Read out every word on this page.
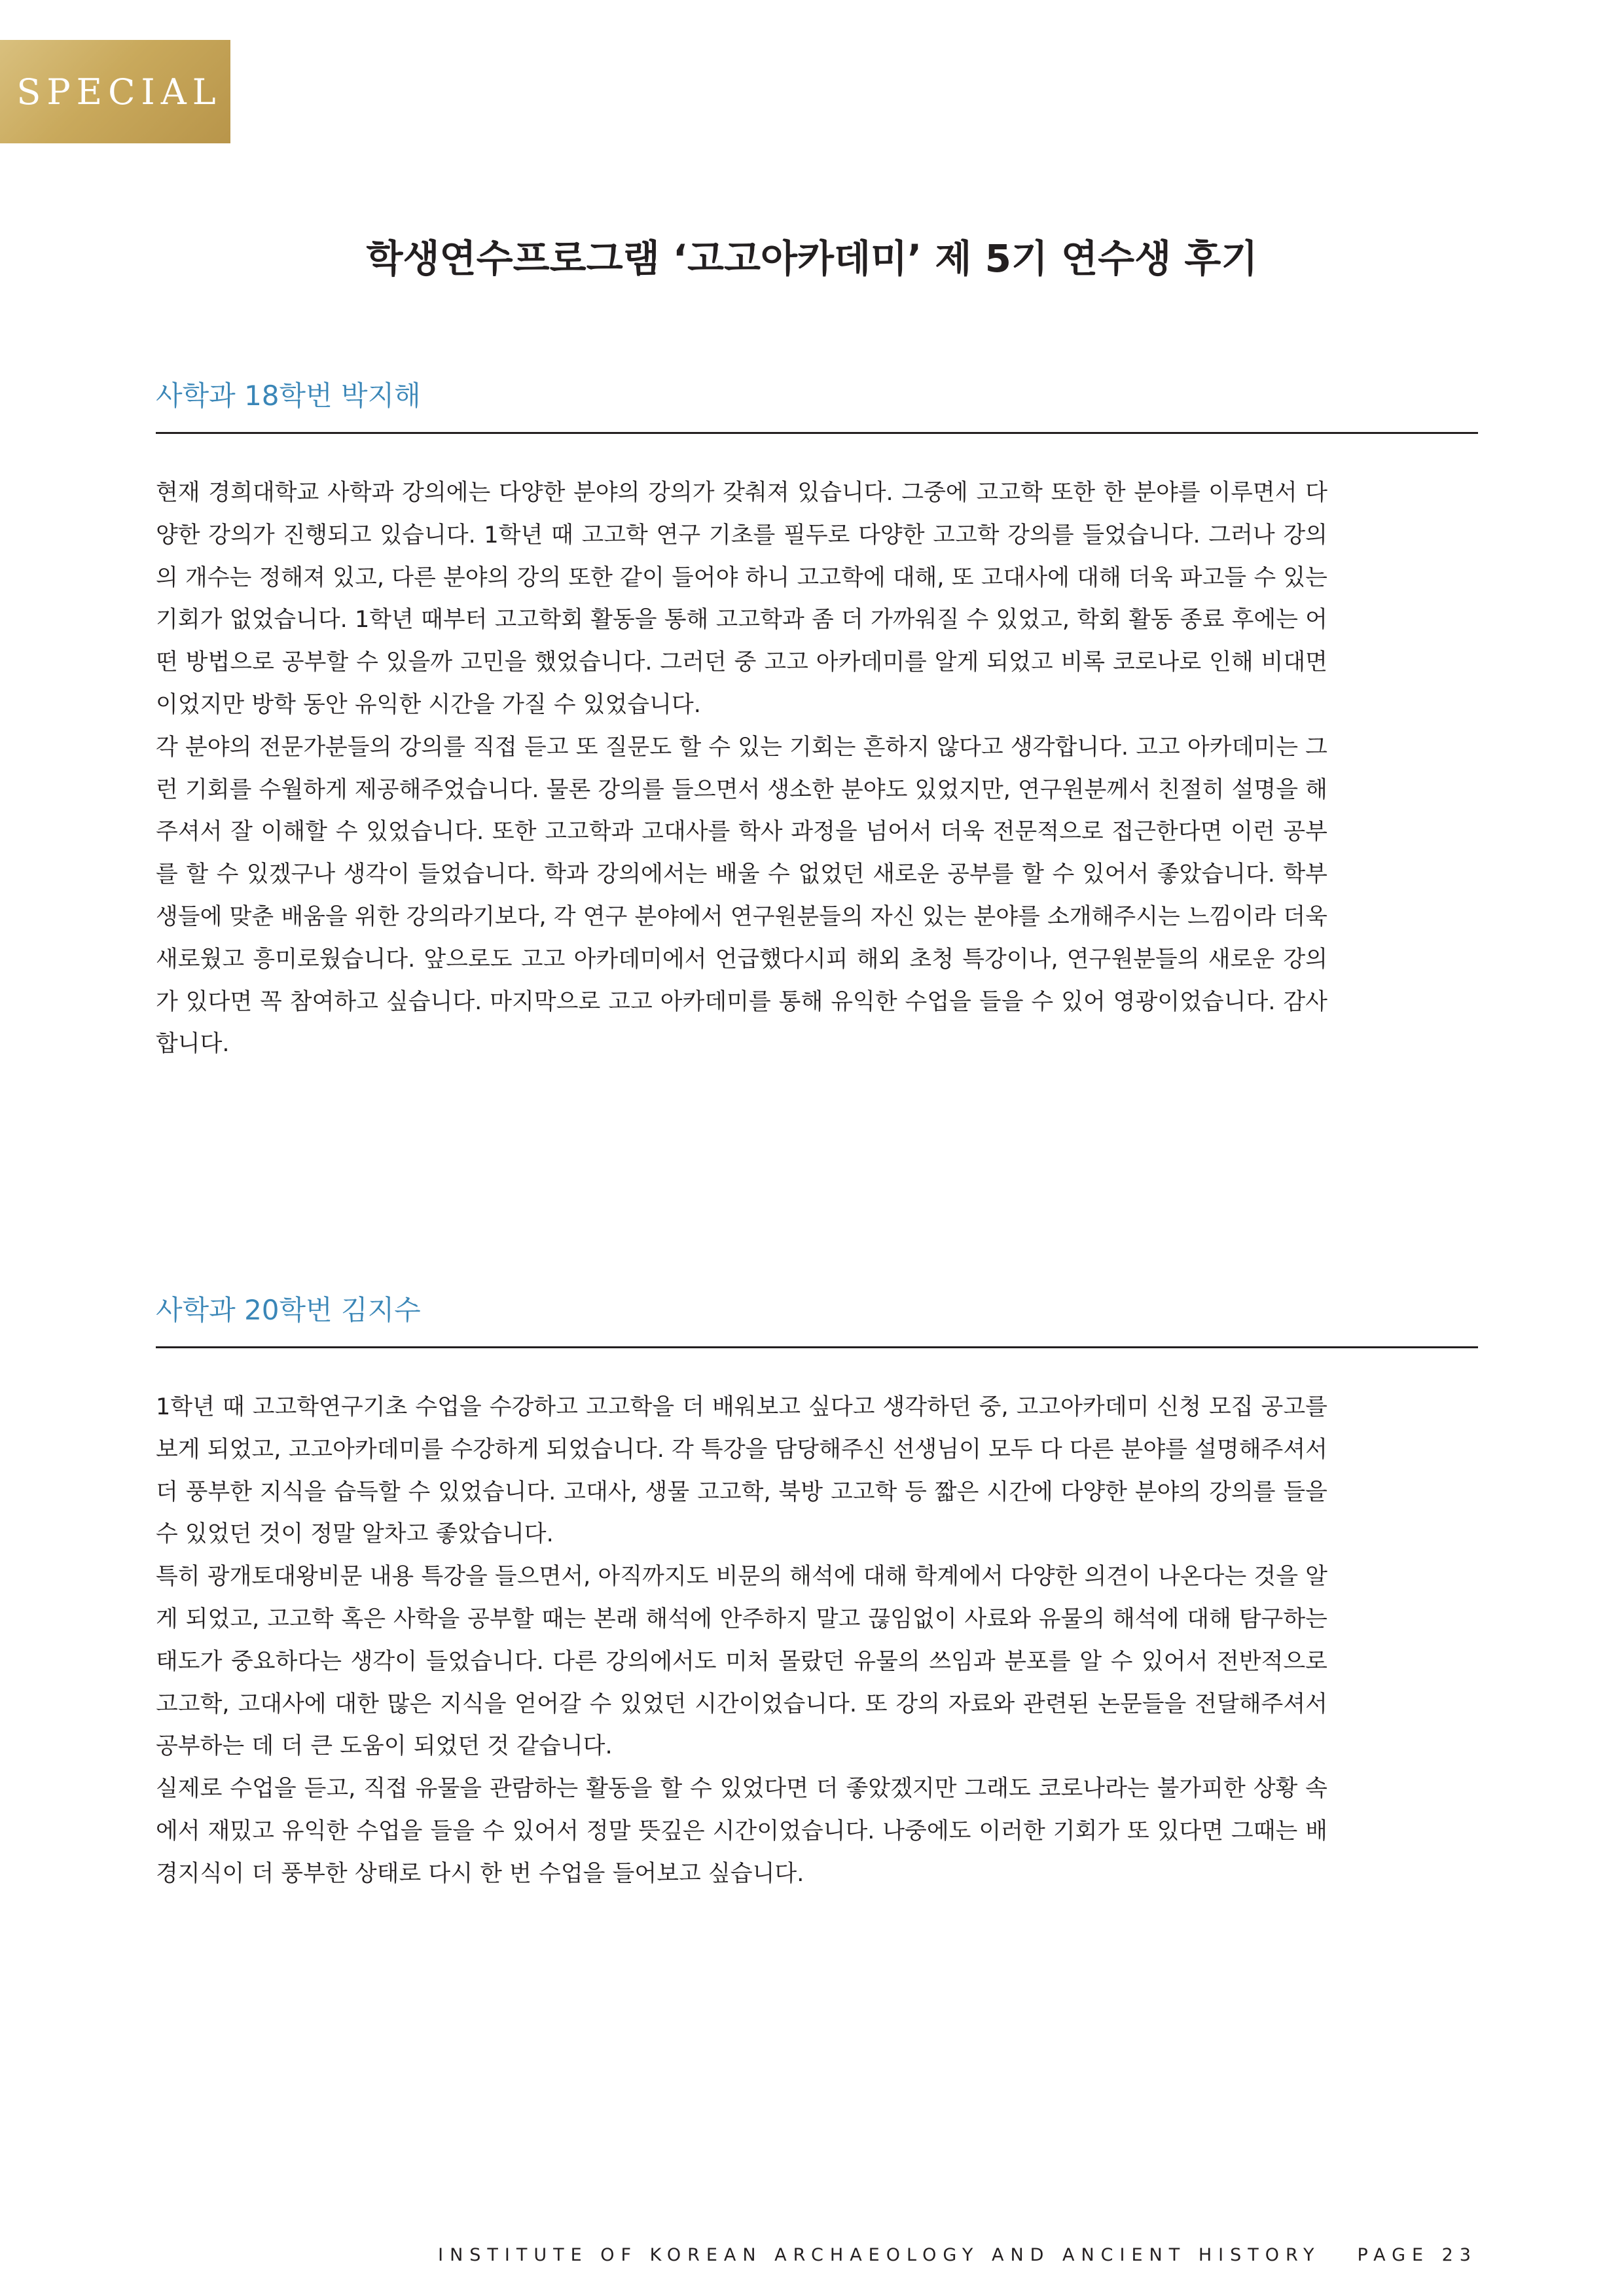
SPECIAL
학생연수프로그램 ‘고고아카데미’ 제 5기 연수생 후기
사학과 18학번 박지해

현재 경희대학교 사학과 강의에는 다양한 분야의 강의가 갖춰져 있습니다. 그중에 고고학 또한 한 분야를 이루면서 다양한 강의가 진행되고 있습니다. 1학년 때 고고학 연구 기초를 필두로 다양한 고고학 강의를 들었습니다. 그러나 강의의 개수는 정해져 있고, 다른 분야의 강의 또한 같이 들어야 하니 고고학에 대해, 또 고대사에 대해 더욱 파고들 수 있는 기회가 없었습니다. 1학년 때부터 고고학회 활동을 통해 고고학과 좀 더 가까워질 수 있었고, 학회 활동 종료 후에는 어떤 방법으로 공부할 수 있을까 고민을 했었습니다. 그러던 중 고고 아카데미를 알게 되었고 비록 코로나로 인해 비대면이었지만 방학 동안 유익한 시간을 가질 수 있었습니다.

각 분야의 전문가분들의 강의를 직접 듣고 또 질문도 할 수 있는 기회는 흔하지 않다고 생각합니다. 고고 아카데미는 그런 기회를 수월하게 제공해주었습니다. 물론 강의를 들으면서 생소한 분야도 있었지만, 연구원분께서 친절히 설명을 해주셔서 잘 이해할 수 있었습니다. 또한 고고학과 고대사를 학사 과정을 넘어서 더욱 전문적으로 접근한다면 이런 공부를 할 수 있겠구나 생각이 들었습니다. 학과 강의에서는 배울 수 없었던 새로운 공부를 할 수 있어서 좋았습니다. 학부생들에 맞춘 배움을 위한 강의라기보다, 각 연구 분야에서 연구원분들의 자신 있는 분야를 소개해주시는 느낌이라 더욱 새로웠고 흥미로웠습니다. 앞으로도 고고 아카데미에서 언급했다시피 해외 초청 특강이나, 연구원분들의 새로운 강의가 있다면 꼭 참여하고 싶습니다. 마지막으로 고고 아카데미를 통해 유익한 수업을 들을 수 있어 영광이었습니다. 감사합니다.

사학과 20학번 김지수

1학년 때 고고학연구기초 수업을 수강하고 고고학을 더 배워보고 싶다고 생각하던 중, 고고아카데미 신청 모집 공고를 보게 되었고, 고고아카데미를 수강하게 되었습니다. 각 특강을 담당해주신 선생님이 모두 다 다른 분야를 설명해주셔서 더 풍부한 지식을 습득할 수 있었습니다. 고대사, 생물 고고학, 북방 고고학 등 짧은 시간에 다양한 분야의 강의를 들을 수 있었던 것이 정말 알차고 좋았습니다.

특히 광개토대왕비문 내용 특강을 들으면서, 아직까지도 비문의 해석에 대해 학계에서 다양한 의견이 나온다는 것을 알게 되었고, 고고학 혹은 사학을 공부할 때는 본래 해석에 안주하지 말고 끊임없이 사료와 유물의 해석에 대해 탐구하는 태도가 중요하다는 생각이 들었습니다. 다른 강의에서도 미처 몰랐던 유물의 쓰임과 분포를 알 수 있어서 전반적으로 고고학, 고대사에 대한 많은 지식을 얻어갈 수 있었던 시간이었습니다. 또 강의 자료와 관련된 논문들을 전달해주셔서 공부하는 데 더 큰 도움이 되었던 것 같습니다.

실제로 수업을 듣고, 직접 유물을 관람하는 활동을 할 수 있었다면 더 좋았겠지만 그래도 코로나라는 불가피한 상황 속에서 재밌고 유익한 수업을 들을 수 있어서 정말 뜻깊은 시간이었습니다. 나중에도 이러한 기회가 또 있다면 그때는 배경지식이 더 풍부한 상태로 다시 한 번 수업을 들어보고 싶습니다.

INSTITUTE OF KOREAN ARCHAEOLOGY AND ANCIENT HISTORY PAGE 23
